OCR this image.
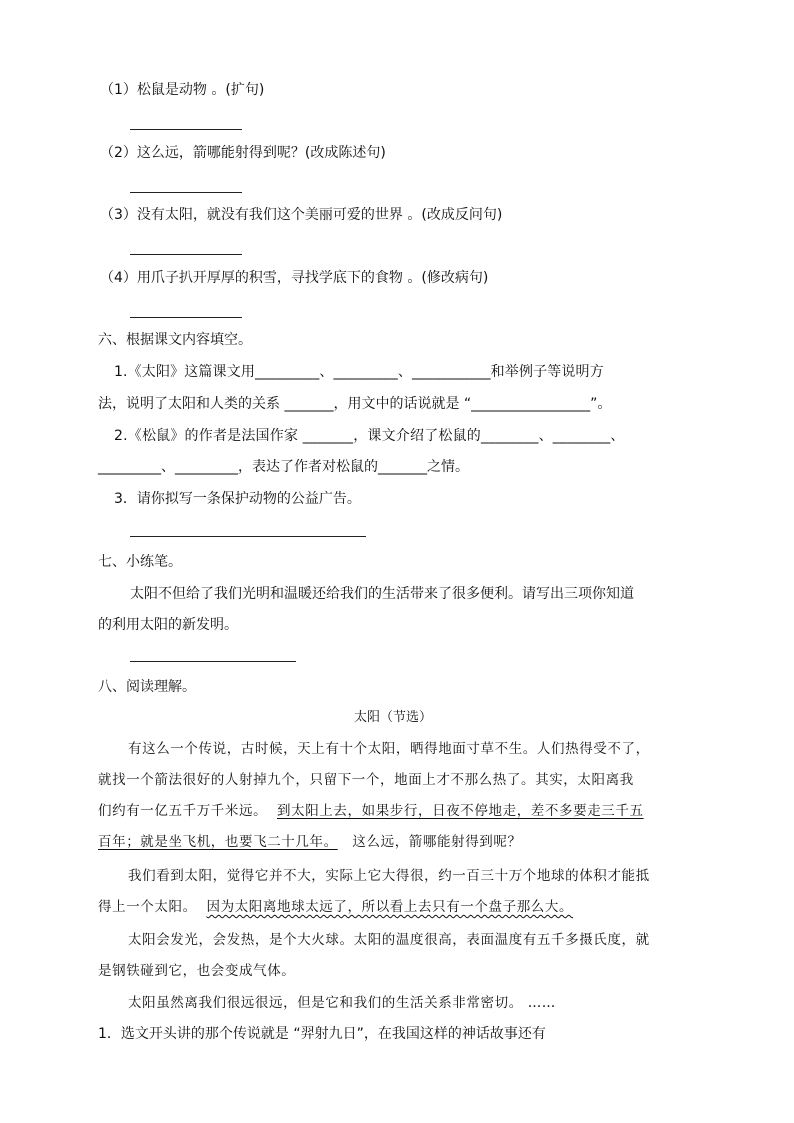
（1）松鼠是动物 。(扩句)
（2）这么远，箭哪能射得到呢？(改成陈述句)
（3）没有太阳，就没有我们这个美丽可爱的世界 。(改成反问句)
（4）用爪子扒开厚厚的积雪，寻找学底下的食物 。(修改病句)
六、根据课文内容填空。
1.《太阳》这篇课文用_________、_________、___________和举例子等说明方
法，说明了太阳和人类的关系 _______，用文中的话说就是 “_________________”。
2.《松鼠》的作者是法国作家 _______，课文介绍了松鼠的________、________、
_________、_________，表达了作者对松鼠的_______之情。
3．请你拟写一条保护动物的公益广告。
七、小练笔。
太阳不但给了我们光明和温暖还给我们的生活带来了很多便利。请写出三项你知道
的利用太阳的新发明。
八、阅读理解。
太阳（节选）
有这么一个传说，古时候，天上有十个太阳，晒得地面寸草不生。人们热得受不了，
就找一个箭法很好的人射掉九个，只留下一个，地面上才不那么热了。其实，太阳离我
们约有一亿五千万千米远。 到太阳上去，如果步行，日夜不停地走，差不多要走三千五
百年；就是坐飞机，也要飞二十几年。 这么远，箭哪能射得到呢？
我们看到太阳，觉得它并不大，实际上它大得很，约一百三十万个地球的体积才能抵
得上一个太阳。 因为太阳离地球太远了，所以看上去只有一个盘子那么大。
太阳会发光，会发热，是个大火球。太阳的温度很高，表面温度有五千多摄氏度，就
是钢铁碰到它，也会变成气体。
太阳虽然离我们很远很远，但是它和我们的生活关系非常密切。 ……
1．选文开头讲的那个传说就是 “羿射九日”，在我国这样的神话故事还有
